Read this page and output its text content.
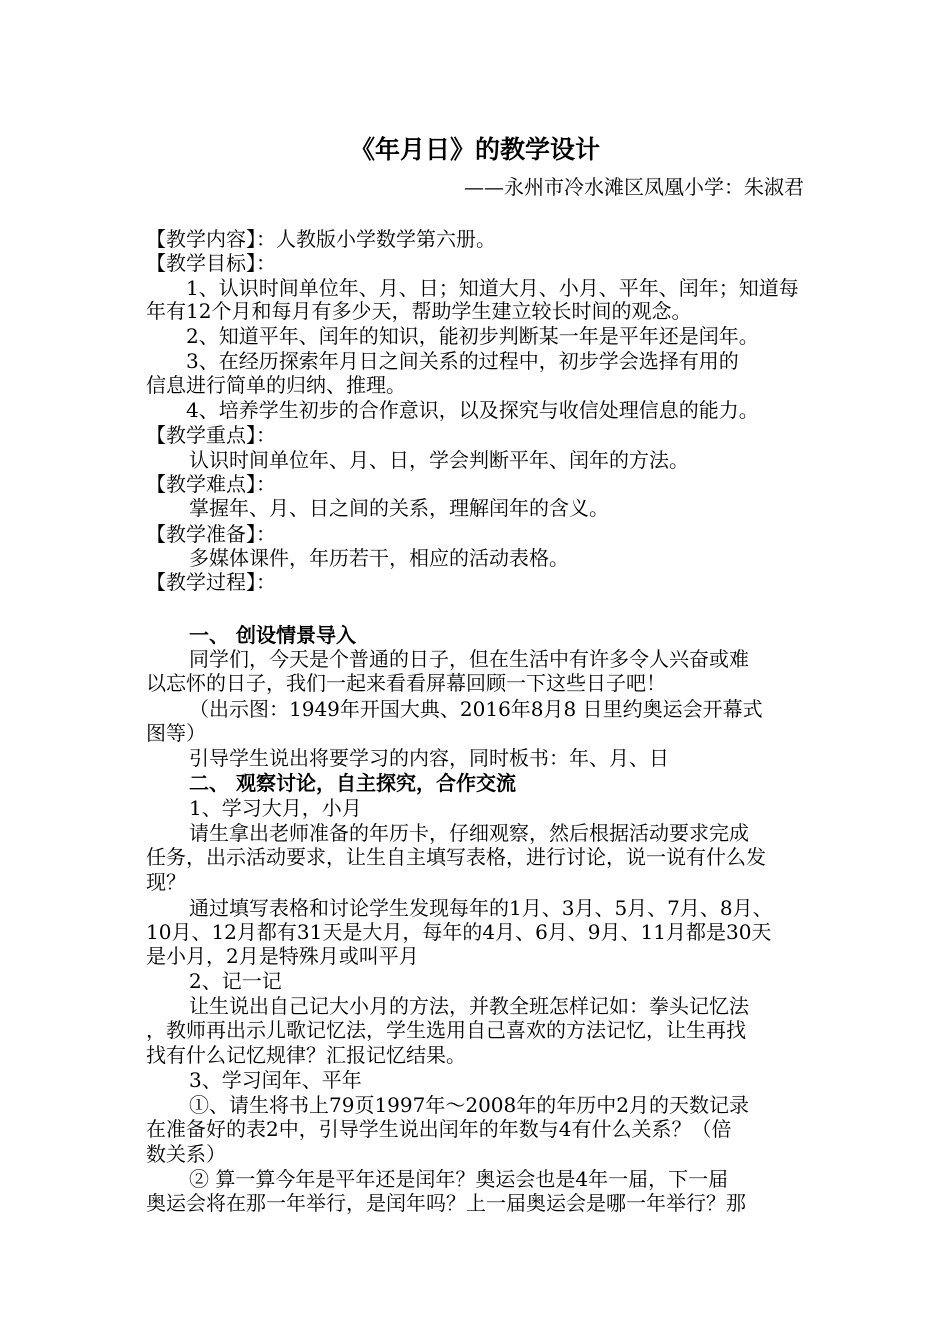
《年月日》的教学设计
——永州市冷水滩区凤凰小学：朱淑君
【教学内容】：人教版小学数学第六册。
【教学目标】：
1、认识时间单位年、月、日；知道大月、小月、平年、闰年；知道每
年有12个月和每月有多少天，帮助学生建立较长时间的观念。
2、知道平年、闰年的知识，能初步判断某一年是平年还是闰年。
3、在经历探索年月日之间关系的过程中，初步学会选择有用的
信息进行简单的归纳、推理。
4、培养学生初步的合作意识，以及探究与收信处理信息的能力。
【教学重点】：
认识时间单位年、月、日，学会判断平年、闰年的方法。
【教学难点】：
掌握年、月、日之间的关系，理解闰年的含义。
【教学准备】：
多媒体课件，年历若干，相应的活动表格。
【教学过程】：
一、 创设情景导入
同学们，今天是个普通的日子，但在生活中有许多令人兴奋或难
以忘怀的日子，我们一起来看看屏幕回顾一下这些日子吧！
（出示图：1949年开国大典、2016年8月8 日里约奥运会开幕式
图等）
引导学生说出将要学习的内容，同时板书：年、月、日
二、 观察讨论，自主探究，合作交流
1、学习大月，小月
请生拿出老师准备的年历卡，仔细观察，然后根据活动要求完成
任务，出示活动要求，让生自主填写表格，进行讨论，说一说有什么发
现？
通过填写表格和讨论学生发现每年的1月、3月、5月、7月、8月、
10月、12月都有31天是大月，每年的4月、6月、9月、11月都是30天
是小月，2月是特殊月或叫平月
2、记一记
让生说出自己记大小月的方法，并教全班怎样记如：拳头记忆法
，教师再出示儿歌记忆法，学生选用自己喜欢的方法记忆，让生再找
找有什么记忆规律？汇报记忆结果。
3、学习闰年、平年
①、请生将书上79页1997年～2008年的年历中2月的天数记录
在准备好的表2中，引导学生说出闰年的年数与4有什么关系？（倍
数关系）
② 算一算今年是平年还是闰年？奥运会也是4年一届，下一届
奥运会将在那一年举行，是闰年吗？上一届奥运会是哪一年举行？那
